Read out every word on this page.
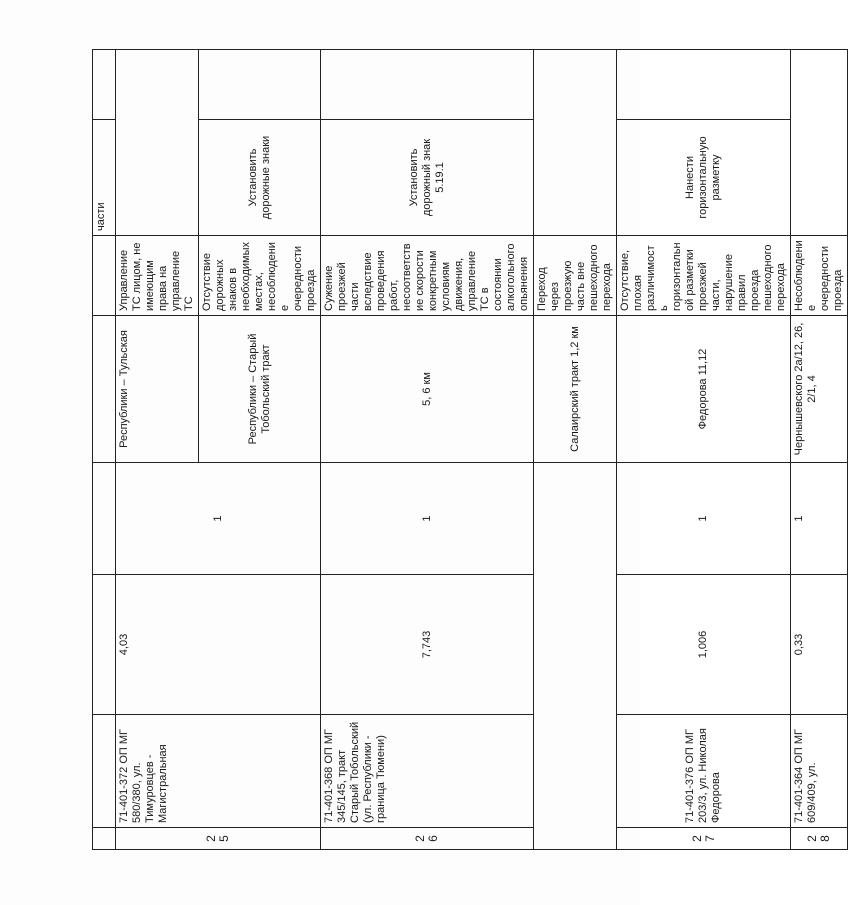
						части	
25	71-401-372 ОП МГ 580/380, ул. Тимуровцев - Магистральная	4,03	1	Республики – Тульская	Управление ТС лицом, не имеющим права на управление ТС		
				Республики – Старый Тобольский тракт	Отсутствие дорожных знаков в необходимых местах, несоблюдение очередности проезда	Установить дорожные знаки	
26	71-401-368 ОП МГ 345/145, тракт Старый Тобольский (ул. Республики - граница Тюмени)	7,743	1	5, 6 км	Сужение проезжей части вследствие проведения работ, несоответствие скорости конкретным условиям движения, управление ТС в состоянии алкогольного опьянения	Установить дорожный знак 5.19.1	
				Салаирский тракт 1,2 км	Переход через проезжую часть вне пешеходного перехода		
27	71-401-376 ОП МГ 203/3, ул. Николая Федорова	1,006	1	Федорова 11,12	Отсутствие, плохая различимость горизонтальной разметки проезжей части, нарушение правил проезда пешеходного перехода	Нанести горизонтальную разметку	
28	71-401-364 ОП МГ 609/409, ул.	0,33	1	Чернышевского 2а/12, 26, 2/1, 4	Несоблюдение очередности проезда		
